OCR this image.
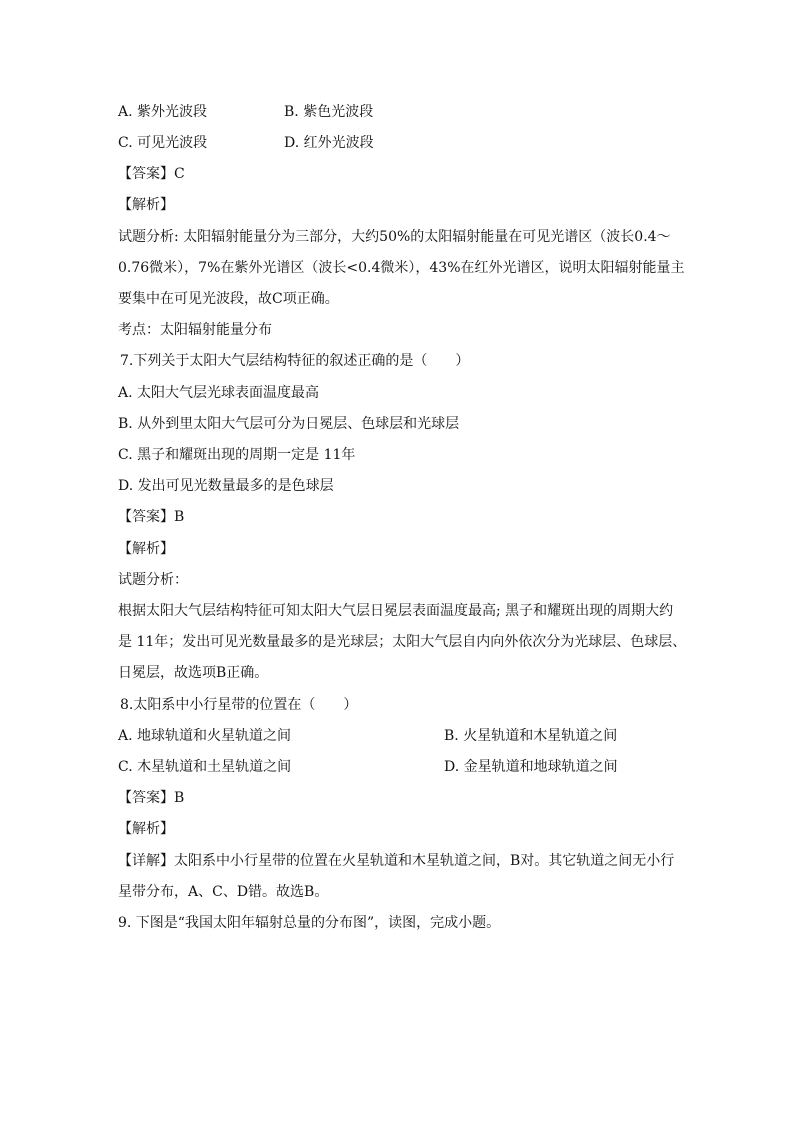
A. 紫外光波段	B. 紫色光波段
C. 可见光波段	D. 红外光波段
【答案】C
【解析】
试题分析: 太阳辐射能量分为三部分，大约50%的太阳辐射能量在可见光谱区（波长0.4～
0.76微米），7%在紫外光谱区（波长<0.4微米），43%在红外光谱区，说明太阳辐射能量主
要集中在可见光波段，故C项正确。
考点：太阳辐射能量分布
7.下列关于太阳大气层结构特征的叙述正确的是（　　）
A. 太阳大气层光球表面温度最高
B. 从外到里太阳大气层可分为日冕层、色球层和光球层
C. 黑子和耀斑出现的周期一定是 11年
D. 发出可见光数量最多的是色球层
【答案】B
【解析】
试题分析：
根据太阳大气层结构特征可知太阳大气层日冕层表面温度最高; 黑子和耀斑出现的周期大约
是 11年；发出可见光数量最多的是光球层；太阳大气层自内向外依次分为光球层、色球层、
日冕层，故选项B正确。
8.太阳系中小行星带的位置在（　　）
A. 地球轨道和火星轨道之间	B. 火星轨道和木星轨道之间
C. 木星轨道和土星轨道之间	D. 金星轨道和地球轨道之间
【答案】B
【解析】
【详解】太阳系中小行星带的位置在火星轨道和木星轨道之间，B对。其它轨道之间无小行
星带分布，A、C、D错。故选B。
9. 下图是“我国太阳年辐射总量的分布图”，读图，完成小题。
